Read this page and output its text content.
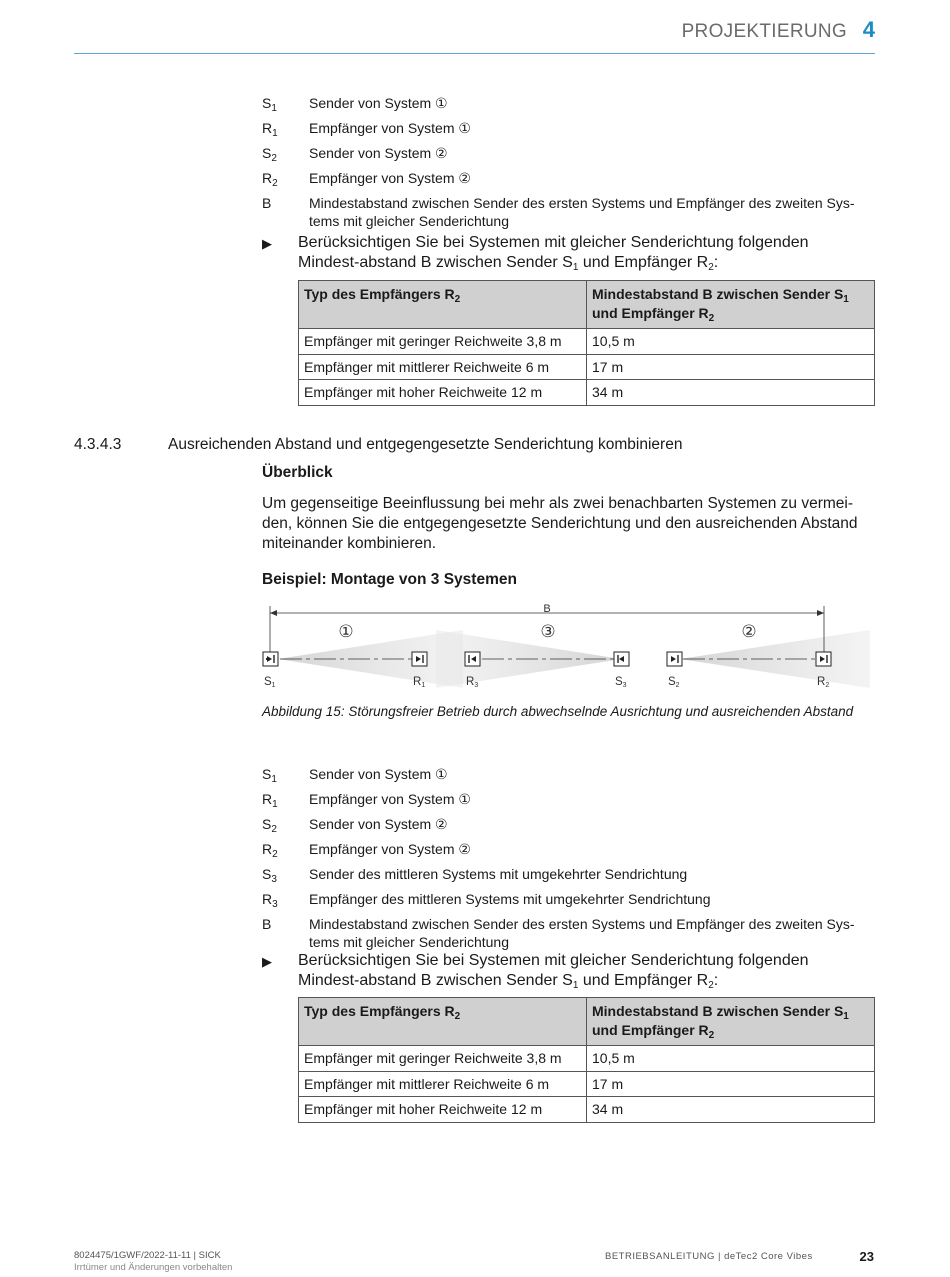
PROJEKTIERUNG 4
$S_1$	Sender von System ①
$R_1$	Empfänger von System ①
$S_2$	Sender von System ②
$R_2$	Empfänger von System ②
B	Mindestabstand zwischen Sender des ersten Systems und Empfänger des zweiten Sys-tems mit gleicher Senderichtung
▶	Berücksichtigen Sie bei Systemen mit gleicher Senderichtung folgenden Mindest-abstand B zwischen Sender $S_1$ und Empfänger $R_2$:
Typ des Empfängers $R_2$	Mindestabstand B zwischen Sender $S_1$ und Empfänger $R_2$
Empfänger mit geringer Reichweite 3,8 m	10,5 m
Empfänger mit mittlerer Reichweite 6 m	17 m
Empfänger mit hoher Reichweite 12 m	34 m
4.3.4.3	Ausreichenden Abstand und entgegengesetzte Senderichtung kombinieren
Überblick
Um gegenseitige Beeinflussung bei mehr als zwei benachbarten Systemen zu vermei-den, können Sie die entgegengesetzte Senderichtung und den ausreichenden Abstand miteinander kombinieren.
Beispiel: Montage von 3 Systemen
B
①	③	②
S1	R1	R3	S3	S2	R2
Abbildung 15: Störungsfreier Betrieb durch abwechselnde Ausrichtung und ausreichenden Abstand
$S_1$	Sender von System ①
$R_1$	Empfänger von System ①
$S_2$	Sender von System ②
$R_2$	Empfänger von System ②
$S_3$	Sender des mittleren Systems mit umgekehrter Sendrichtung
$R_3$	Empfänger des mittleren Systems mit umgekehrter Sendrichtung
B	Mindestabstand zwischen Sender des ersten Systems und Empfänger des zweiten Sys-tems mit gleicher Senderichtung
▶	Berücksichtigen Sie bei Systemen mit gleicher Senderichtung folgenden Mindest-abstand B zwischen Sender $S_1$ und Empfänger $R_2$:
Typ des Empfängers $R_2$	Mindestabstand B zwischen Sender $S_1$ und Empfänger $R_2$
Empfänger mit geringer Reichweite 3,8 m	10,5 m
Empfänger mit mittlerer Reichweite 6 m	17 m
Empfänger mit hoher Reichweite 12 m	34 m
8024475/1GWF/2022-11-11 | SICK
Irrtümer und Änderungen vorbehalten
BETRIEBSANLEITUNG | deTec2 Core Vibes	23
